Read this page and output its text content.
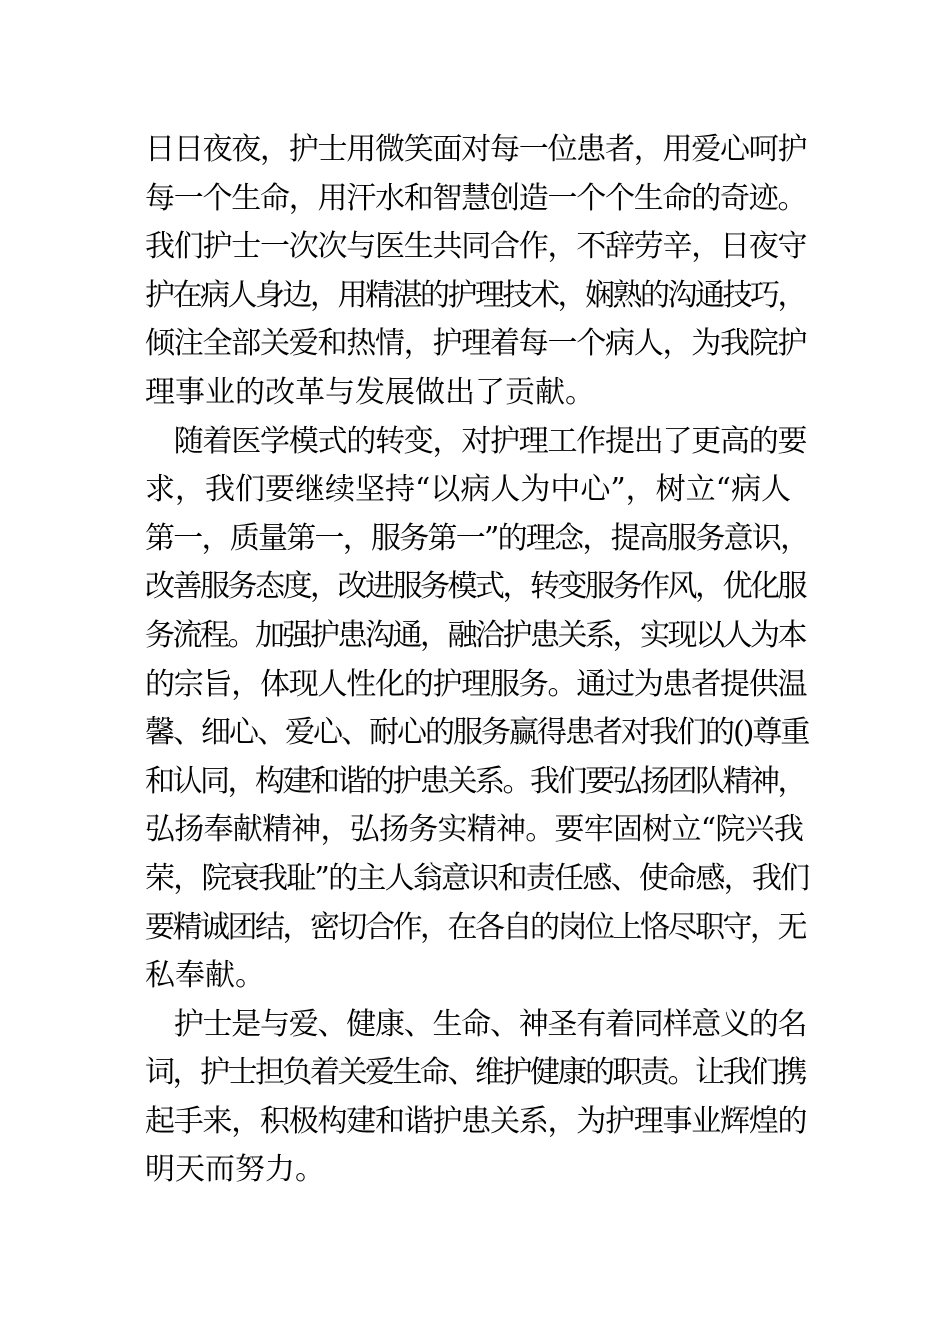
日日夜夜，护士用微笑面对每一位患者，用爱心呵护
每一个生命，用汗水和智慧创造一个个生命的奇迹。
我们护士一次次与医生共同合作，不辞劳辛，日夜守
护在病人身边，用精湛的护理技术，娴熟的沟通技巧，
倾注全部关爱和热情，护理着每一个病人，为我院护
理事业的改革与发展做出了贡献。
　随着医学模式的转变，对护理工作提出了更高的要
求，我们要继续坚持“以病人为中心”，树立“病人
第一，质量第一，服务第一”的理念，提高服务意识，
改善服务态度，改进服务模式，转变服务作风，优化服
务流程。加强护患沟通，融洽护患关系，实现以人为本
的宗旨，体现人性化的护理服务。通过为患者提供温
馨、细心、爱心、耐心的服务赢得患者对我们的()尊重
和认同，构建和谐的护患关系。我们要弘扬团队精神，
弘扬奉献精神，弘扬务实精神。要牢固树立“院兴我
荣，院衰我耻”的主人翁意识和责任感、使命感，我们
要精诚团结，密切合作，在各自的岗位上恪尽职守，无
私奉献。
　护士是与爱、健康、生命、神圣有着同样意义的名
词，护士担负着关爱生命、维护健康的职责。让我们携
起手来，积极构建和谐护患关系，为护理事业辉煌的
明天而努力。
